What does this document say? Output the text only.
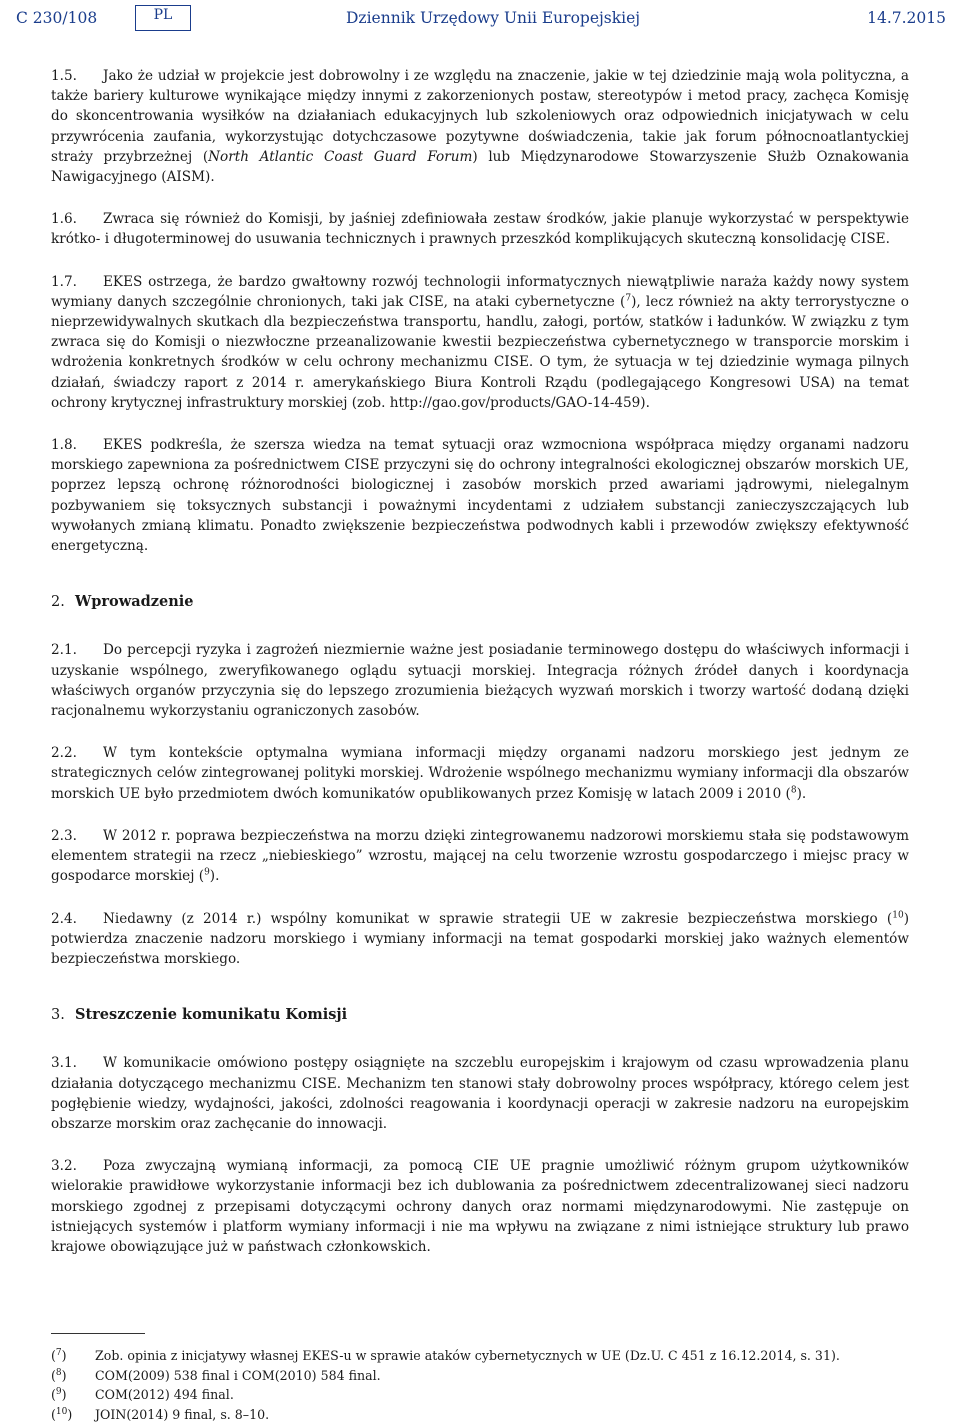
C 230/108	PL	Dziennik Urzędowy Unii Europejskiej	14.7.2015

1.5. Jako że udział w projekcie jest dobrowolny i ze względu na znaczenie, jakie w tej dziedzinie mają wola polityczna, a także bariery kulturowe wynikające między innymi z zakorzenionych postaw, stereotypów i metod pracy, zachęca Komisję do skoncentrowania wysiłków na działaniach edukacyjnych lub szkoleniowych oraz odpowiednich inicjatywach w celu przywrócenia zaufania, wykorzystując dotychczasowe pozytywne doświadczenia, takie jak forum północnoatlantyckiej straży przybrzeżnej (North Atlantic Coast Guard Forum) lub Międzynarodowe Stowarzyszenie Służb Oznakowania Nawigacyjnego (AISM).

1.6. Zwraca się również do Komisji, by jaśniej zdefiniowała zestaw środków, jakie planuje wykorzystać w perspektywie krótko- i długoterminowej do usuwania technicznych i prawnych przeszkód komplikujących skuteczną konsolidację CISE.

1.7. EKES ostrzega, że bardzo gwałtowny rozwój technologii informatycznych niewątpliwie naraża każdy nowy system wymiany danych szczególnie chronionych, taki jak CISE, na ataki cybernetyczne ($^7$), lecz również na akty terrorystyczne o nieprzewidywalnych skutkach dla bezpieczeństwa transportu, handlu, załogi, portów, statków i ładunków. W związku z tym zwraca się do Komisji o niezwłoczne przeanalizowanie kwestii bezpieczeństwa cybernetycznego w transporcie morskim i wdrożenia konkretnych środków w celu ochrony mechanizmu CISE. O tym, że sytuacja w tej dziedzinie wymaga pilnych działań, świadczy raport z 2014 r. amerykańskiego Biura Kontroli Rządu (podlegającego Kongresowi USA) na temat ochrony krytycznej infrastruktury morskiej (zob. http://gao.gov/products/GAO-14-459).

1.8. EKES podkreśla, że szersza wiedza na temat sytuacji oraz wzmocniona współpraca między organami nadzoru morskiego zapewniona za pośrednictwem CISE przyczyni się do ochrony integralności ekologicznej obszarów morskich UE, poprzez lepszą ochronę różnorodności biologicznej i zasobów morskich przed awariami jądrowymi, nielegalnym pozbywaniem się toksycznych substancji i poważnymi incydentami z udziałem substancji zanieczyszczających lub wywołanych zmianą klimatu. Ponadto zwiększenie bezpieczeństwa podwodnych kabli i przewodów zwiększy efektywność energetyczną.

2. Wprowadzenie

2.1. Do percepcji ryzyka i zagrożeń niezmiernie ważne jest posiadanie terminowego dostępu do właściwych informacji i uzyskanie wspólnego, zweryfikowanego oglądu sytuacji morskiej. Integracja różnych źródeł danych i koordynacja właściwych organów przyczynia się do lepszego zrozumienia bieżących wyzwań morskich i tworzy wartość dodaną dzięki racjonalnemu wykorzystaniu ograniczonych zasobów.

2.2. W tym kontekście optymalna wymiana informacji między organami nadzoru morskiego jest jednym ze strategicznych celów zintegrowanej polityki morskiej. Wdrożenie wspólnego mechanizmu wymiany informacji dla obszarów morskich UE było przedmiotem dwóch komunikatów opublikowanych przez Komisję w latach 2009 i 2010 ($^8$).

2.3. W 2012 r. poprawa bezpieczeństwa na morzu dzięki zintegrowanemu nadzorowi morskiemu stała się podstawowym elementem strategii na rzecz „niebieskiego” wzrostu, mającej na celu tworzenie wzrostu gospodarczego i miejsc pracy w gospodarce morskiej ($^9$).

2.4. Niedawny (z 2014 r.) wspólny komunikat w sprawie strategii UE w zakresie bezpieczeństwa morskiego ($^{10}$) potwierdza znaczenie nadzoru morskiego i wymiany informacji na temat gospodarki morskiej jako ważnych elementów bezpieczeństwa morskiego.

3. Streszczenie komunikatu Komisji

3.1. W komunikacie omówiono postępy osiągnięte na szczeblu europejskim i krajowym od czasu wprowadzenia planu działania dotyczącego mechanizmu CISE. Mechanizm ten stanowi stały dobrowolny proces współpracy, którego celem jest pogłębienie wiedzy, wydajności, jakości, zdolności reagowania i koordynacji operacji w zakresie nadzoru na europejskim obszarze morskim oraz zachęcanie do innowacji.

3.2. Poza zwyczajną wymianą informacji, za pomocą CIE UE pragnie umożliwić różnym grupom użytkowników wielorakie prawidłowe wykorzystanie informacji bez ich dublowania za pośrednictwem zdecentralizowanej sieci nadzoru morskiego zgodnej z przepisami dotyczącymi ochrony danych oraz normami międzynarodowymi. Nie zastępuje on istniejących systemów i platform wymiany informacji i nie ma wpływu na związane z nimi istniejące struktury lub prawo krajowe obowiązujące już w państwach członkowskich.

($^7$) Zob. opinia z inicjatywy własnej EKES-u w sprawie ataków cybernetycznych w UE (Dz.U. C 451 z 16.12.2014, s. 31).
($^8$) COM(2009) 538 final i COM(2010) 584 final.
($^9$) COM(2012) 494 final.
($^{10}$) JOIN(2014) 9 final, s. 8–10.
